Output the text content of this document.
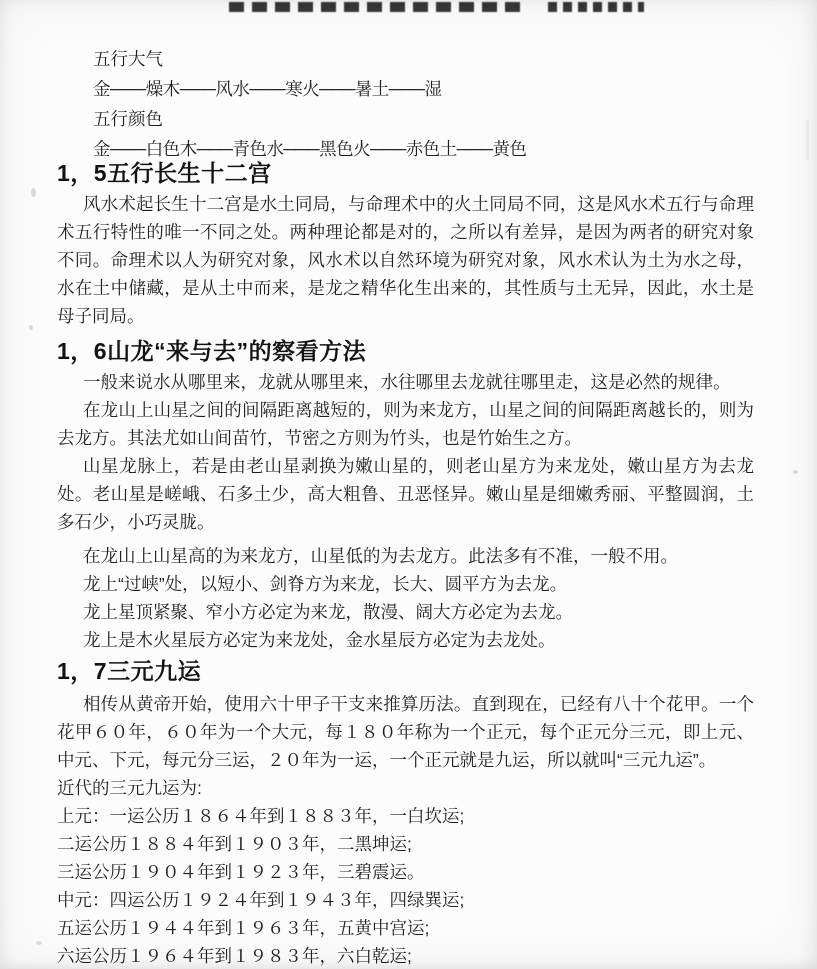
五行大气
金───燥木───风水───寒火───暑土───湿
五行颜色
金───白色木───青色水───黑色火───赤色土───黄色
1，5五行长生十二宫
风水术起长生十二宫是水土同局，与命理术中的火土同局不同，这是风水术五行与命理术五行特性的唯一不同之处。两种理论都是对的，之所以有差异，是因为两者的研究对象不同。命理术以人为研究对象，风水术以自然环境为研究对象，风水术认为土为水之母，水在土中储藏，是从土中而来，是龙之精华化生出来的，其性质与土无异，因此，水土是母子同局。
1，6山龙“来与去”的察看方法
一般来说水从哪里来，龙就从哪里来，水往哪里去龙就往哪里走，这是必然的规律。
在龙山上山星之间的间隔距离越短的，则为来龙方，山星之间的间隔距离越长的，则为去龙方。其法尤如山间苗竹，节密之方则为竹头，也是竹始生之方。
山星龙脉上，若是由老山星剥换为嫩山星的，则老山星方为来龙处，嫩山星方为去龙处。老山星是嵯峨、石多土少，高大粗鲁、丑恶怪异。嫩山星是细嫩秀丽、平整圆润，土多石少，小巧灵胧。
在龙山上山星高的为来龙方，山星低的为去龙方。此法多有不准，一般不用。
龙上“过峡”处，以短小、剑脊方为来龙，长大、圆平方为去龙。
龙上星顶紧聚、窄小方必定为来龙，散漫、阔大方必定为去龙。
龙上是木火星辰方必定为来龙处，金水星辰方必定为去龙处。
1，7三元九运
相传从黄帝开始，使用六十甲子干支来推算历法。直到现在，已经有八十个花甲。一个花甲６０年，６０年为一个大元，每１８０年称为一个正元，每个正元分三元，即上元、中元、下元，每元分三运，２０年为一运，一个正元就是九运，所以就叫“三元九运”。
近代的三元九运为:
上元：一运公历１８６４年到１８８３年，一白坎运;
二运公历１８８４年到１９０３年，二黑坤运;
三运公历１９０４年到１９２３年，三碧震运。
中元：四运公历１９２４年到１９４３年，四绿巽运;
五运公历１９４４年到１９６３年，五黄中宫运;
六运公历１９６４年到１９８３年，六白乾运;
